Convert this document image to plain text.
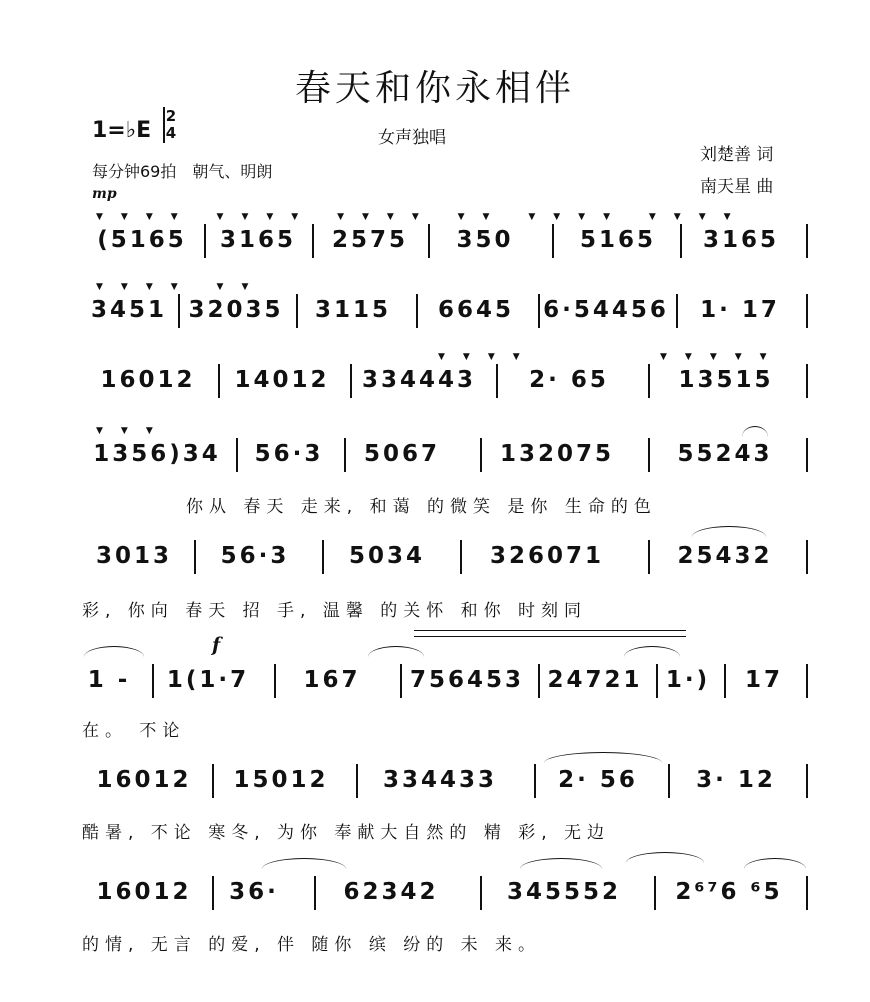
春天和你永相伴
1=♭E
2
4	女声独唱
每分钟69拍　朝气、明朗
刘楚善 词
南天星 曲
mp
f
(5165 3165 2575 350	5165 3165
▼▼▼▼ ▼▼▼▼ ▼▼▼▼ ▼▼ ▼▼▼▼ ▼▼▼▼
3451 32035 3115 6645 6·54456 1· 17
▼▼▼▼ ▼▼
16012 14012 334443 2· 65	13515
▼▼▼▼	▼▼▼▼▼
1356)34 56·3 5067	132075	55243
▼▼▼
你从 春天 走来, 和蔼 的微笑 是你 生命的色
3013 56·3	5034	326071	25432
彩, 你向 春天 招 手, 温馨 的关怀 和你 时刻同
1 - 1(1·7 167 756453 24721 1·) 17
在。 不论
16012 15012 334433	2· 56	3· 12
酷暑, 不论 寒冬, 为你 奉献大自然的 精 彩, 无边
16012 36·	62342	345552 2⁶⁷6 ⁶5
的情, 无言 的爱, 伴 随你 缤 纷的 未 来。
